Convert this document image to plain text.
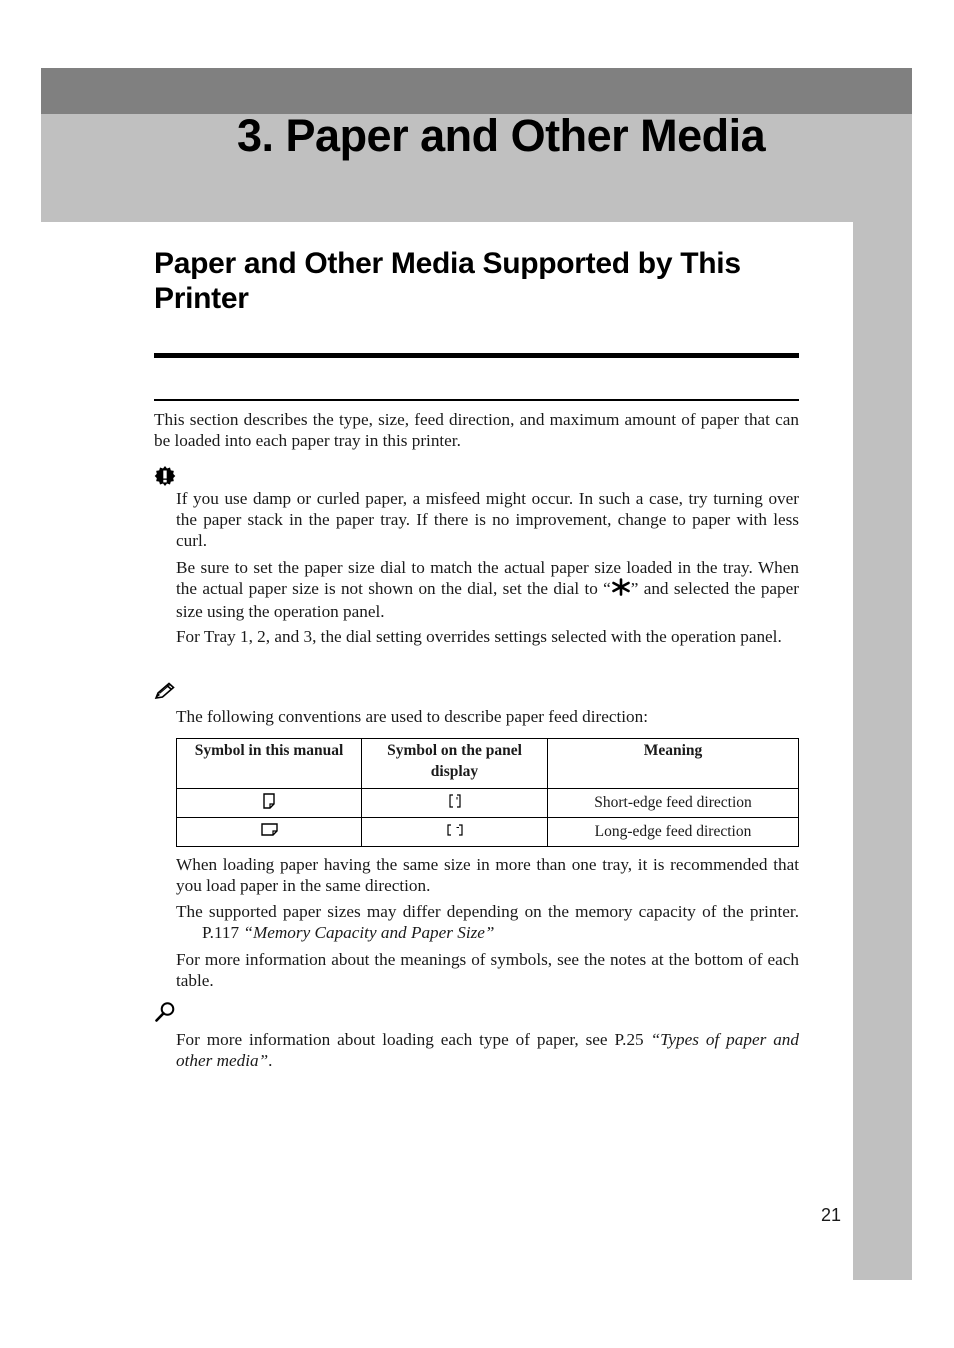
3. Paper and Other Media
Paper and Other Media Supported by This Printer

This section describes the type, size, feed direction, and maximum amount of paper that can be loaded into each paper tray in this printer.

If you use damp or curled paper, a misfeed might occur. In such a case, try turning over the paper stack in the paper tray. If there is no improvement, change to paper with less curl.

Be sure to set the paper size dial to match the actual paper size loaded in the tray. When the actual paper size is not shown on the dial, set the dial to “ ” and selected the paper size using the operation panel.

For Tray 1, 2, and 3, the dial setting overrides settings selected with the operation panel.

The following conventions are used to describe paper feed direction:

Symbol in this manual	Symbol on the panel display	Meaning
		Short-edge feed direction
		Long-edge feed direction

When loading paper having the same size in more than one tray, it is recommended that you load paper in the same direction.

The supported paper sizes may differ depending on the memory capacity of the printer.P.117 “Memory Capacity and Paper Size”

For more information about the meanings of symbols, see the notes at the bottom of each table.

For more information about loading each type of paper, see P.25 “Types of paper and other media”.

21
